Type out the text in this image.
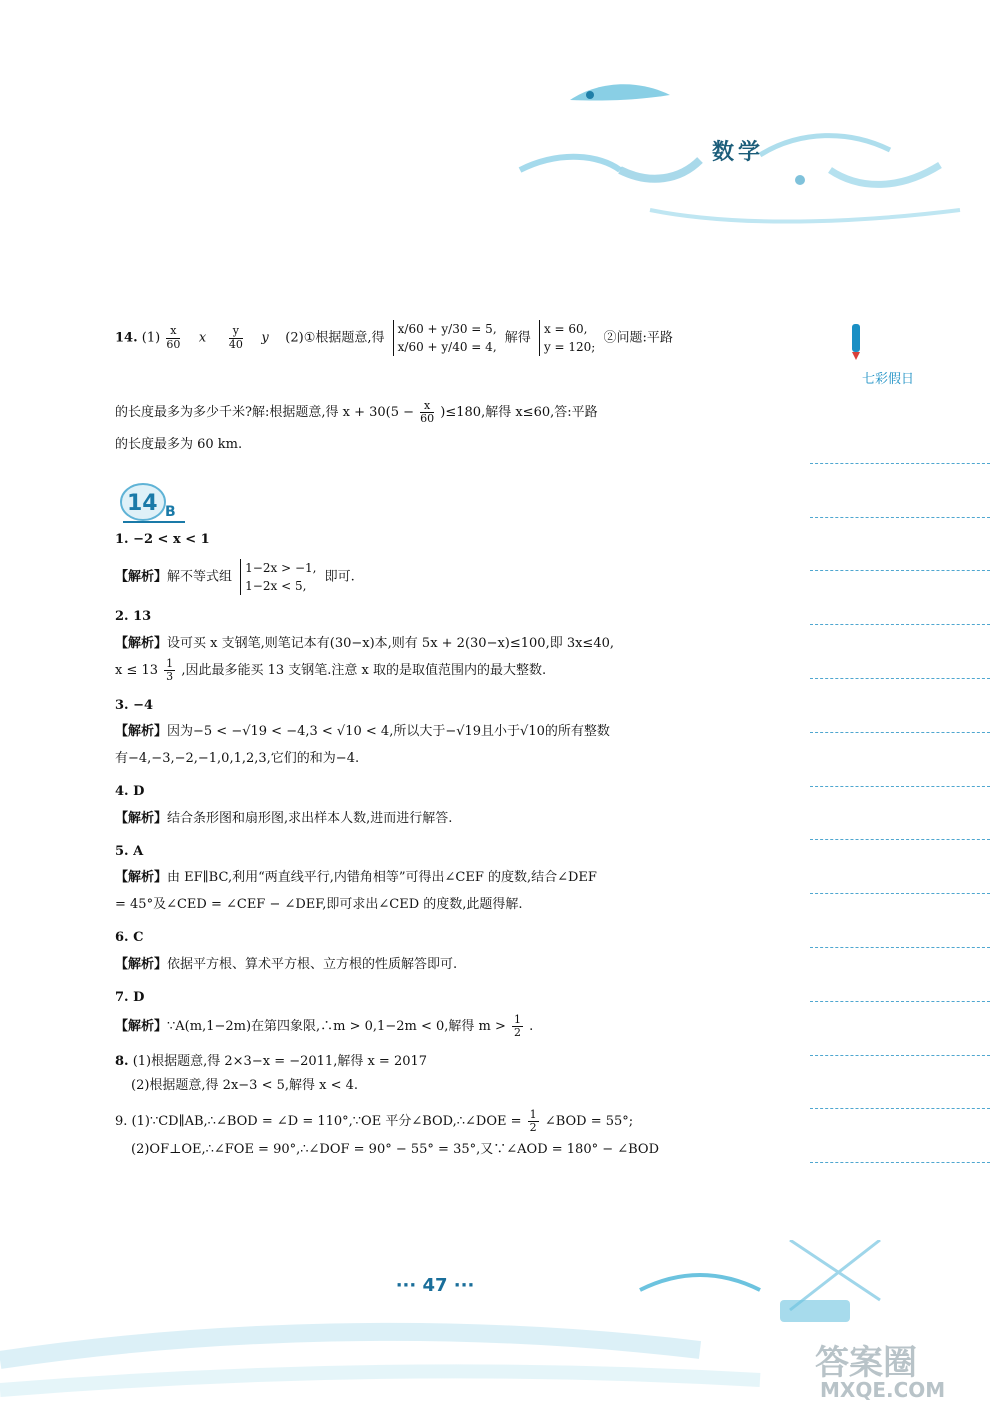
数学
七彩假日
14. $(1) \frac{x}{60}$ x $\frac{y}{40}$ y (2)①根据题意,得 x/60 + y/30 = 5,
x/60 + y/40 = 4, 解得 x = 60,
y = 120; ②问题:平路
的长度最多为多少千米?解:根据题意,得 $x + 30(5 - \frac{x}{60} )\le 180$,解得 x≤60,答:平路
的长度最多为 60 km.
14 B
1. −2 < x < 1
【解析】解不等式组 1−2x > −1,
1−2x < 5, 即可.
2. 13
【解析】设可买 x 支钢笔,则笔记本有(30−x)本,则有 5x + 2(30−x)≤100,即 3x≤40,
$x \le 13 \frac{1}{3}$ ,因此最多能买 13 支钢笔.注意 x 取的是取值范围内的最大整数.
3. −4
【解析】因为−5 < −√19 < −4,3 < √10 < 4,所以大于−√19且小于√10的所有整数
有−4,−3,−2,−1,0,1,2,3,它们的和为−4.
4. D
【解析】结合条形图和扇形图,求出样本人数,进而进行解答.
5. A
【解析】由 EF∥BC,利用“两直线平行,内错角相等”可得出∠CEF 的度数,结合∠DEF
= 45°及∠CED = ∠CEF − ∠DEF,即可求出∠CED 的度数,此题得解.
6. C
【解析】依据平方根、算术平方根、立方根的性质解答即可.
7. D
【解析】∵A(m,1−2m)在第四象限,∴m > 0,1−2m < 0,解得 $m > \frac{1}{2}$ .
8. (1)根据题意,得 2×3−x = −2011,解得 x = 2017
(2)根据题意,得 2x−3 < 5,解得 x < 4.
9. (1)∵CD∥AB,∴∠BOD = ∠D = 110°,∵OE 平分∠BOD,∴∠DOE = $\frac{1}{2}$ ∠BOD = 55°;
(2)OF⊥OE,∴∠FOE = 90°,∴∠DOF = 90° − 55° = 35°,又∵∠AOD = 180° − ∠BOD
··· 47 ···
答案圈
MXQE.COM
